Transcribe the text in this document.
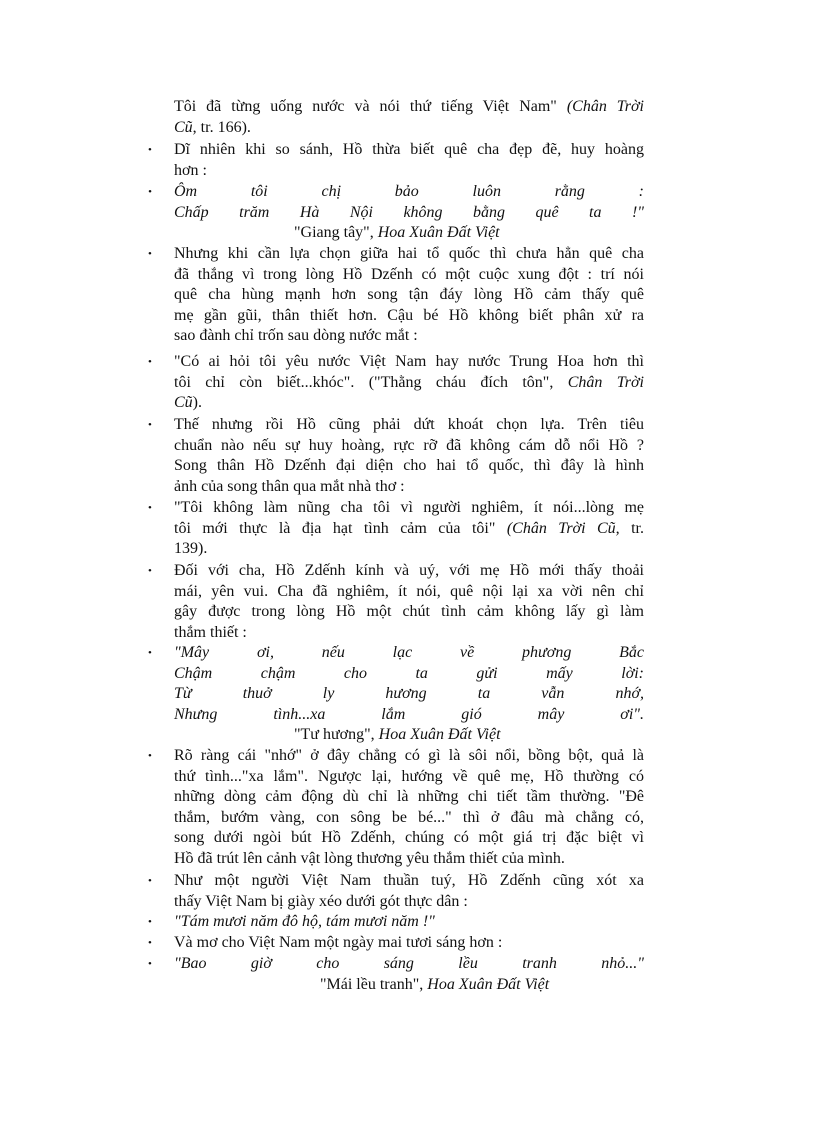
Tôi đã từng uống nước và nói thứ tiếng Việt Nam" (Chân Trời
Cũ, tr. 166).
• Dĩ nhiên khi so sánh, Hồ thừa biết quê cha đẹp đẽ, huy hoàng
hơn :
• Ôm tôi chị bảo luôn rằng :
Chấp trăm Hà Nội không bằng quê ta !"
"Giang tây", Hoa Xuân Đất Việt
• Nhưng khi cần lựa chọn giữa hai tổ quốc thì chưa hẳn quê cha
đã thắng vì trong lòng Hồ Dzếnh có một cuộc xung đột : trí nói
quê cha hùng mạnh hơn song tận đáy lòng Hồ cảm thấy quê
mẹ gần gũi, thân thiết hơn. Cậu bé Hồ không biết phân xử ra
sao đành chỉ trốn sau dòng nước mắt :
• "Có ai hỏi tôi yêu nước Việt Nam hay nước Trung Hoa hơn thì
tôi chỉ còn biết...khóc". ("Thằng cháu đích tôn", Chân Trời
Cũ).
• Thế nhưng rồi Hồ cũng phải dứt khoát chọn lựa. Trên tiêu
chuẩn nào nếu sự huy hoàng, rực rỡ đã không cám dỗ nổi Hồ ?
Song thân Hồ Dzếnh đại diện cho hai tổ quốc, thì đây là hình
ảnh của song thân qua mắt nhà thơ :
• "Tôi không làm nũng cha tôi vì người nghiêm, ít nói...lòng mẹ
tôi mới thực là địa hạt tình cảm của tôi" (Chân Trời Cũ, tr.
139).
• Đối với cha, Hồ Zdếnh kính và uý, với mẹ Hồ mới thấy thoải
mái, yên vui. Cha đã nghiêm, ít nói, quê nội lại xa vời nên chỉ
gây được trong lòng Hồ một chút tình cảm không lấy gì làm
thắm thiết :
• "Mây ơi, nếu lạc về phương Bắc
Chậm chậm cho ta gửi mấy lời:
Từ thuở ly hương ta vẫn nhớ,
Nhưng tình...xa lắm gió mây ơi".
"Tư hương", Hoa Xuân Đất Việt
• Rõ ràng cái "nhớ" ở đây chẳng có gì là sôi nổi, bồng bột, quả là
thứ tình..."xa lắm". Ngược lại, hướng về quê mẹ, Hồ thường có
những dòng cảm động dù chỉ là những chi tiết tầm thường. "Đê
thắm, bướm vàng, con sông be bé..." thì ở đâu mà chẳng có,
song dưới ngòi bút Hồ Zdếnh, chúng có một giá trị đặc biệt vì
Hồ đã trút lên cảnh vật lòng thương yêu thắm thiết của mình.
• Như một người Việt Nam thuần tuý, Hồ Zdếnh cũng xót xa
thấy Việt Nam bị giày xéo dưới gót thực dân :
• "Tám mươi năm đô hộ, tám mươi năm !"
• Và mơ cho Việt Nam một ngày mai tươi sáng hơn :
• "Bao giờ cho sáng lều tranh nhỏ..."
"Mái lều tranh", Hoa Xuân Đất Việt
